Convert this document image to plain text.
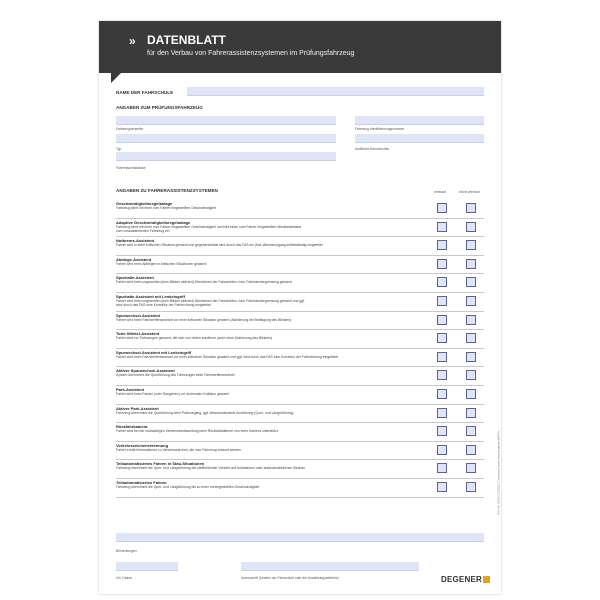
» DATENBLATT
für den Verbau von Fahrerassistenzsystemen im Prüfungsfahrzeug
NAME DER FAHRSCHULE
ANGABEN ZUM PRÜFUNGSFAHRZEUG
Fahrzeughersteller	Fahrzeug-Identifizierungsnummer
Typ	Amtliches Kennzeichen
Fahrerlaubnisklasse
ANGABEN ZU FAHRERASSISTENZSYSTEMEN	verbaut	nicht verbaut
Geschwindigkeitsregelanlage
Fahrzeug fährt mit einer vom Fahrer eingestellten Geschwindigkeit
Adaptive Geschwindigkeitsregelanlage
Fahrzeug fährt mit einer vom Fahrer eingestellten Geschwindigkeit und hält einen vom Fahrer eingestellten Mindestabstand
zum vorausfahrenden Fahrzeug ein
Notbrems-Assistent
Fahrer wird in einer kritischen Situation gewarnt und gegebenenfalls wird durch das FAS ein (Not-)Bremsvorgang selbstständig eingeleitet
Abbiege-Assistent
Fahrer wird beim Abbiegen in kritischen Situationen gewarnt
Spurhalte-Assistent
Fahrer wird beim ungewollten (kein Blinker aktiviert) Überfahren der Fahrstreifen- bzw. Fahrbahnbegrenzung gewarnt
Spurhalte-Assistent mit Lenkeingriff
Fahrer wird beim ungewollten (kein Blinker aktiviert) Überfahren der Fahrstreifen- bzw. Fahrbahnbegrenzung gewarnt und ggf.
wird durch das FAS eine Korrektur der Fahrtrichtung eingeleitet
Spurwechsel-Assistent
Fahrer wird beim Fahrstreifenwechsel vor einer kritischen Situation gewarnt (Aktivierung bei Betätigung des Blinkers)
Toter-Winkel-Assistent
Fahrer wird vor Fahrzeugen gewarnt, die sich von hinten annähern (auch ohne Aktivierung des Blinkers)
Spurwechsel-Assistent mit Lenkeingriff
Fahrer wird beim Fahrstreifenwechsel vor einer kritischen Situation gewarnt und ggf. wird durch das FAS eine Korrektur der Fahrtrichtung eingeleitet
Aktiver Spurwechsel-Assistent
System übernimmt die Querführung des Fahrzeuges beim Fahrstreifenwechsel
Park-Assistent
Fahrer wird beim Parken (oder Rangieren) vor drohenden Kollision gewarnt
Aktiver Park-Assistent
Fahrzeug übernimmt die Querführung beim Parkvorgang, ggf. teilautomatisierte Ausführung (Quer- und Längsführung)
Rückfahrkamera
Fahrer wird bei der rückwärtigen Verkehrsbeobachtung beim Rückwärtsfahren von einer Kamera unterstützt
Verkehrszeichenerkennung
Fahrer erhält Informationen zu Verkehrszeichen, die vom Fahrzeug erkannt werden
Teilautomatisiertes Fahren in Stau-Situationen
Fahrzeug übernimmt die Quer- und Längsführung bei zähfließender Verkehr auf Autobahnen oder autobahnähnlichen Straßen
Teilautomatisiertes Fahren
Fahrzeug übernimmt die Quer- und Längsführung bis zu einer voreingestellten Geschwindigkeit
Bemerkungen
Ort, Datum	Unterschrift (Inhaber der Fahrschule oder der Ausbildungsbetriebs)	DEGENER
B-S-Nr. 2018 | 12/2023 | Download unter www.degener.de/FAS
